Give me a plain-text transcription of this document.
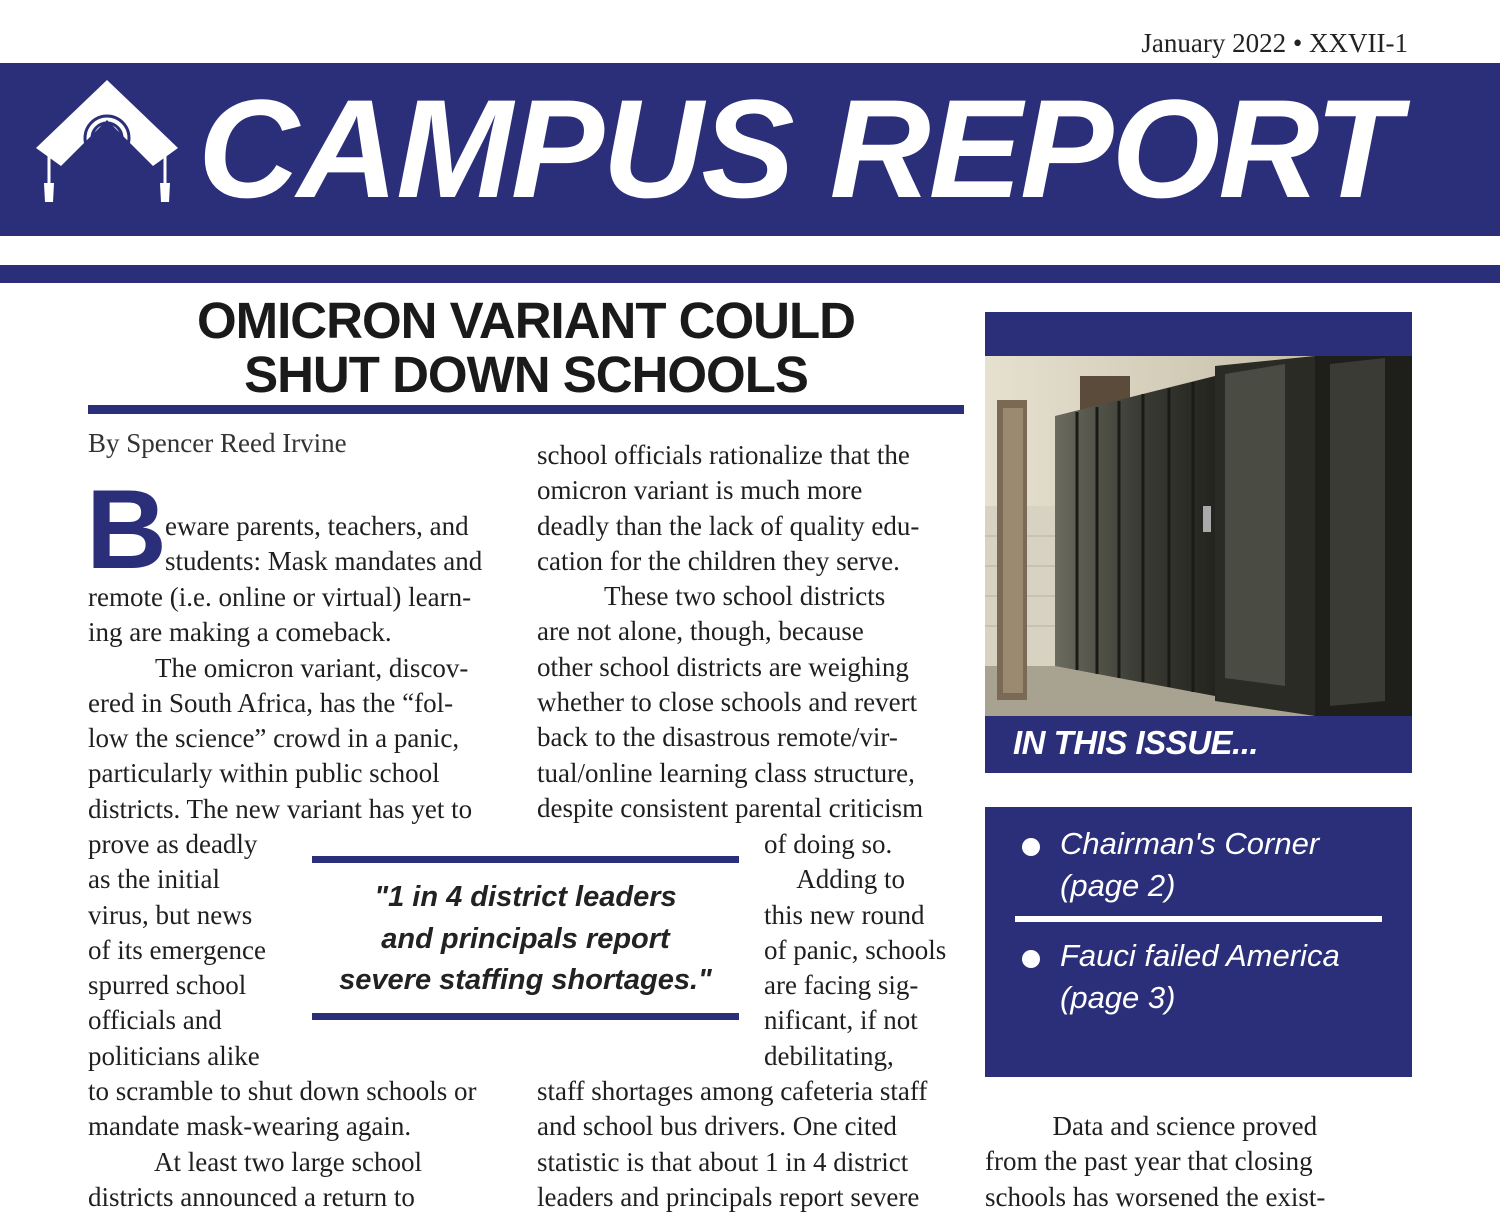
January 2022 • XXVII-1
CAMPUS REPORT
OMICRON VARIANT COULD
SHUT DOWN SCHOOLS
By Spencer Reed Irvine
B
eware parents, teachers, and
students: Mask mandates and
remote (i.e. online or virtual) learn-
ing are making a comeback.
The omicron variant, discov-
ered in South Africa, has the “fol-
low the science” crowd in a panic,
particularly within public school
districts. The new variant has yet to
prove as deadly
as the initial
virus, but news
of its emergence
spurred school
officials and
politicians alike
to scramble to shut down schools or
mandate mask-wearing again.
At least two large school
districts announced a return to
school officials rationalize that the
omicron variant is much more
deadly than the lack of quality edu-
cation for the children they serve.
These two school districts
are not alone, though, because
other school districts are weighing
whether to close schools and revert
back to the disastrous remote/vir-
tual/online learning class structure,
despite consistent parental criticism
of doing so.
Adding to
this new round
of panic, schools
are facing sig-
nificant, if not
debilitating,
staff shortages among cafeteria staff
and school bus drivers. One cited
statistic is that about 1 in 4 district
leaders and principals report severe
"1 in 4 district leaders
and principals report
severe staffing shortages."
IN THIS ISSUE...
Chairman's Corner
(page 2)
Fauci failed America
(page 3)
Data and science proved
from the past year that closing
schools has worsened the exist-
